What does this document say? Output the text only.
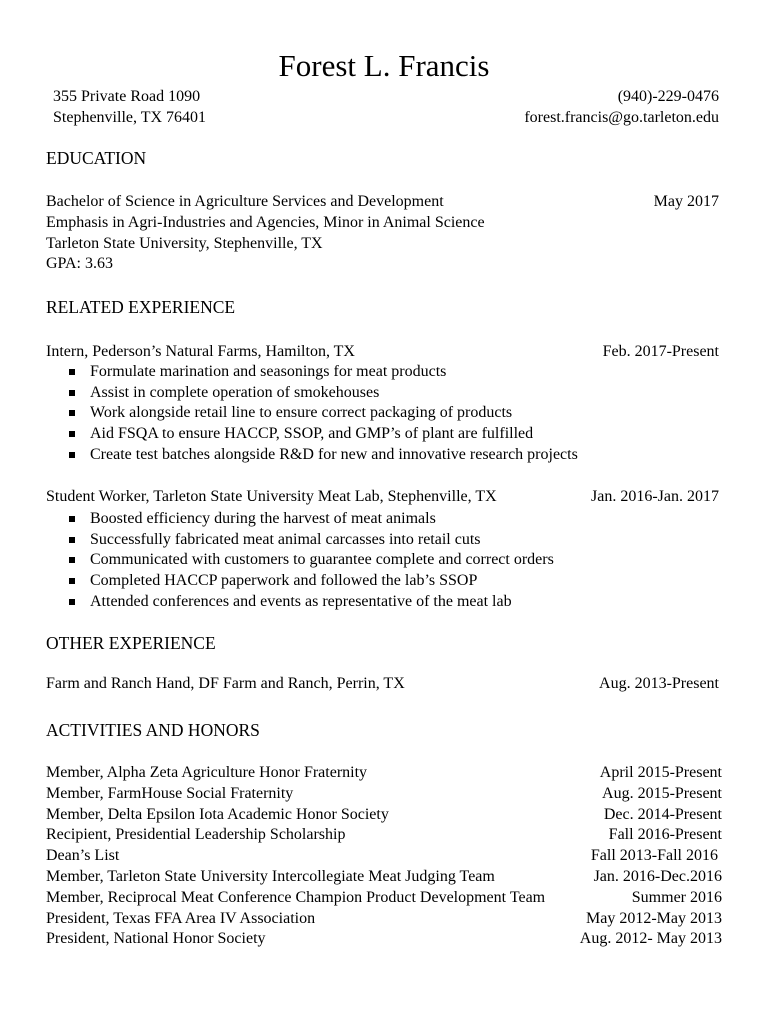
Forest L. Francis
355 Private Road 1090
Stephenville, TX 76401
(940)-229-0476
forest.francis@go.tarleton.edu
EDUCATION
Bachelor of Science in Agriculture Services and Development	May 2017
Emphasis in Agri-Industries and Agencies, Minor in Animal Science
Tarleton State University, Stephenville, TX
GPA: 3.63
RELATED EXPERIENCE
Intern, Pederson’s Natural Farms, Hamilton, TX	Feb. 2017-Present
Formulate marination and seasonings for meat products
Assist in complete operation of smokehouses
Work alongside retail line to ensure correct packaging of products
Aid FSQA to ensure HACCP, SSOP, and GMP’s of plant are fulfilled
Create test batches alongside R&D for new and innovative research projects
Student Worker, Tarleton State University Meat Lab, Stephenville, TX	Jan. 2016-Jan. 2017
Boosted efficiency during the harvest of meat animals
Successfully fabricated meat animal carcasses into retail cuts
Communicated with customers to guarantee complete and correct orders
Completed HACCP paperwork and followed the lab’s SSOP
Attended conferences and events as representative of the meat lab
OTHER EXPERIENCE
Farm and Ranch Hand, DF Farm and Ranch, Perrin, TX	Aug. 2013-Present
ACTIVITIES AND HONORS
Member, Alpha Zeta Agriculture Honor Fraternity	April 2015-Present
Member, FarmHouse Social Fraternity	Aug. 2015-Present
Member, Delta Epsilon Iota Academic Honor Society	Dec. 2014-Present
Recipient, Presidential Leadership Scholarship	Fall 2016-Present
Dean’s List	Fall 2013-Fall 2016
Member, Tarleton State University Intercollegiate Meat Judging Team	Jan. 2016-Dec.2016
Member, Reciprocal Meat Conference Champion Product Development Team	Summer 2016
President, Texas FFA Area IV Association	May 2012-May 2013
President, National Honor Society	Aug. 2012- May 2013
